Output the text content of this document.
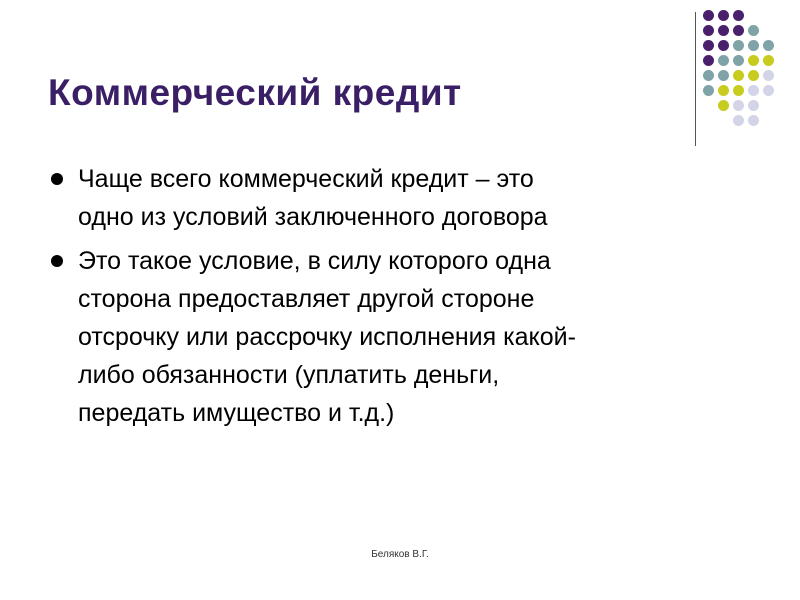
Коммерческий кредит
Чаще всего коммерческий кредит – это
одно из условий заключенного договора
Это такое условие, в силу которого одна
сторона предоставляет другой стороне
отсрочку или рассрочку исполнения какой-
либо обязанности (уплатить деньги,
передать имущество и т.д.)
Беляков В.Г.
